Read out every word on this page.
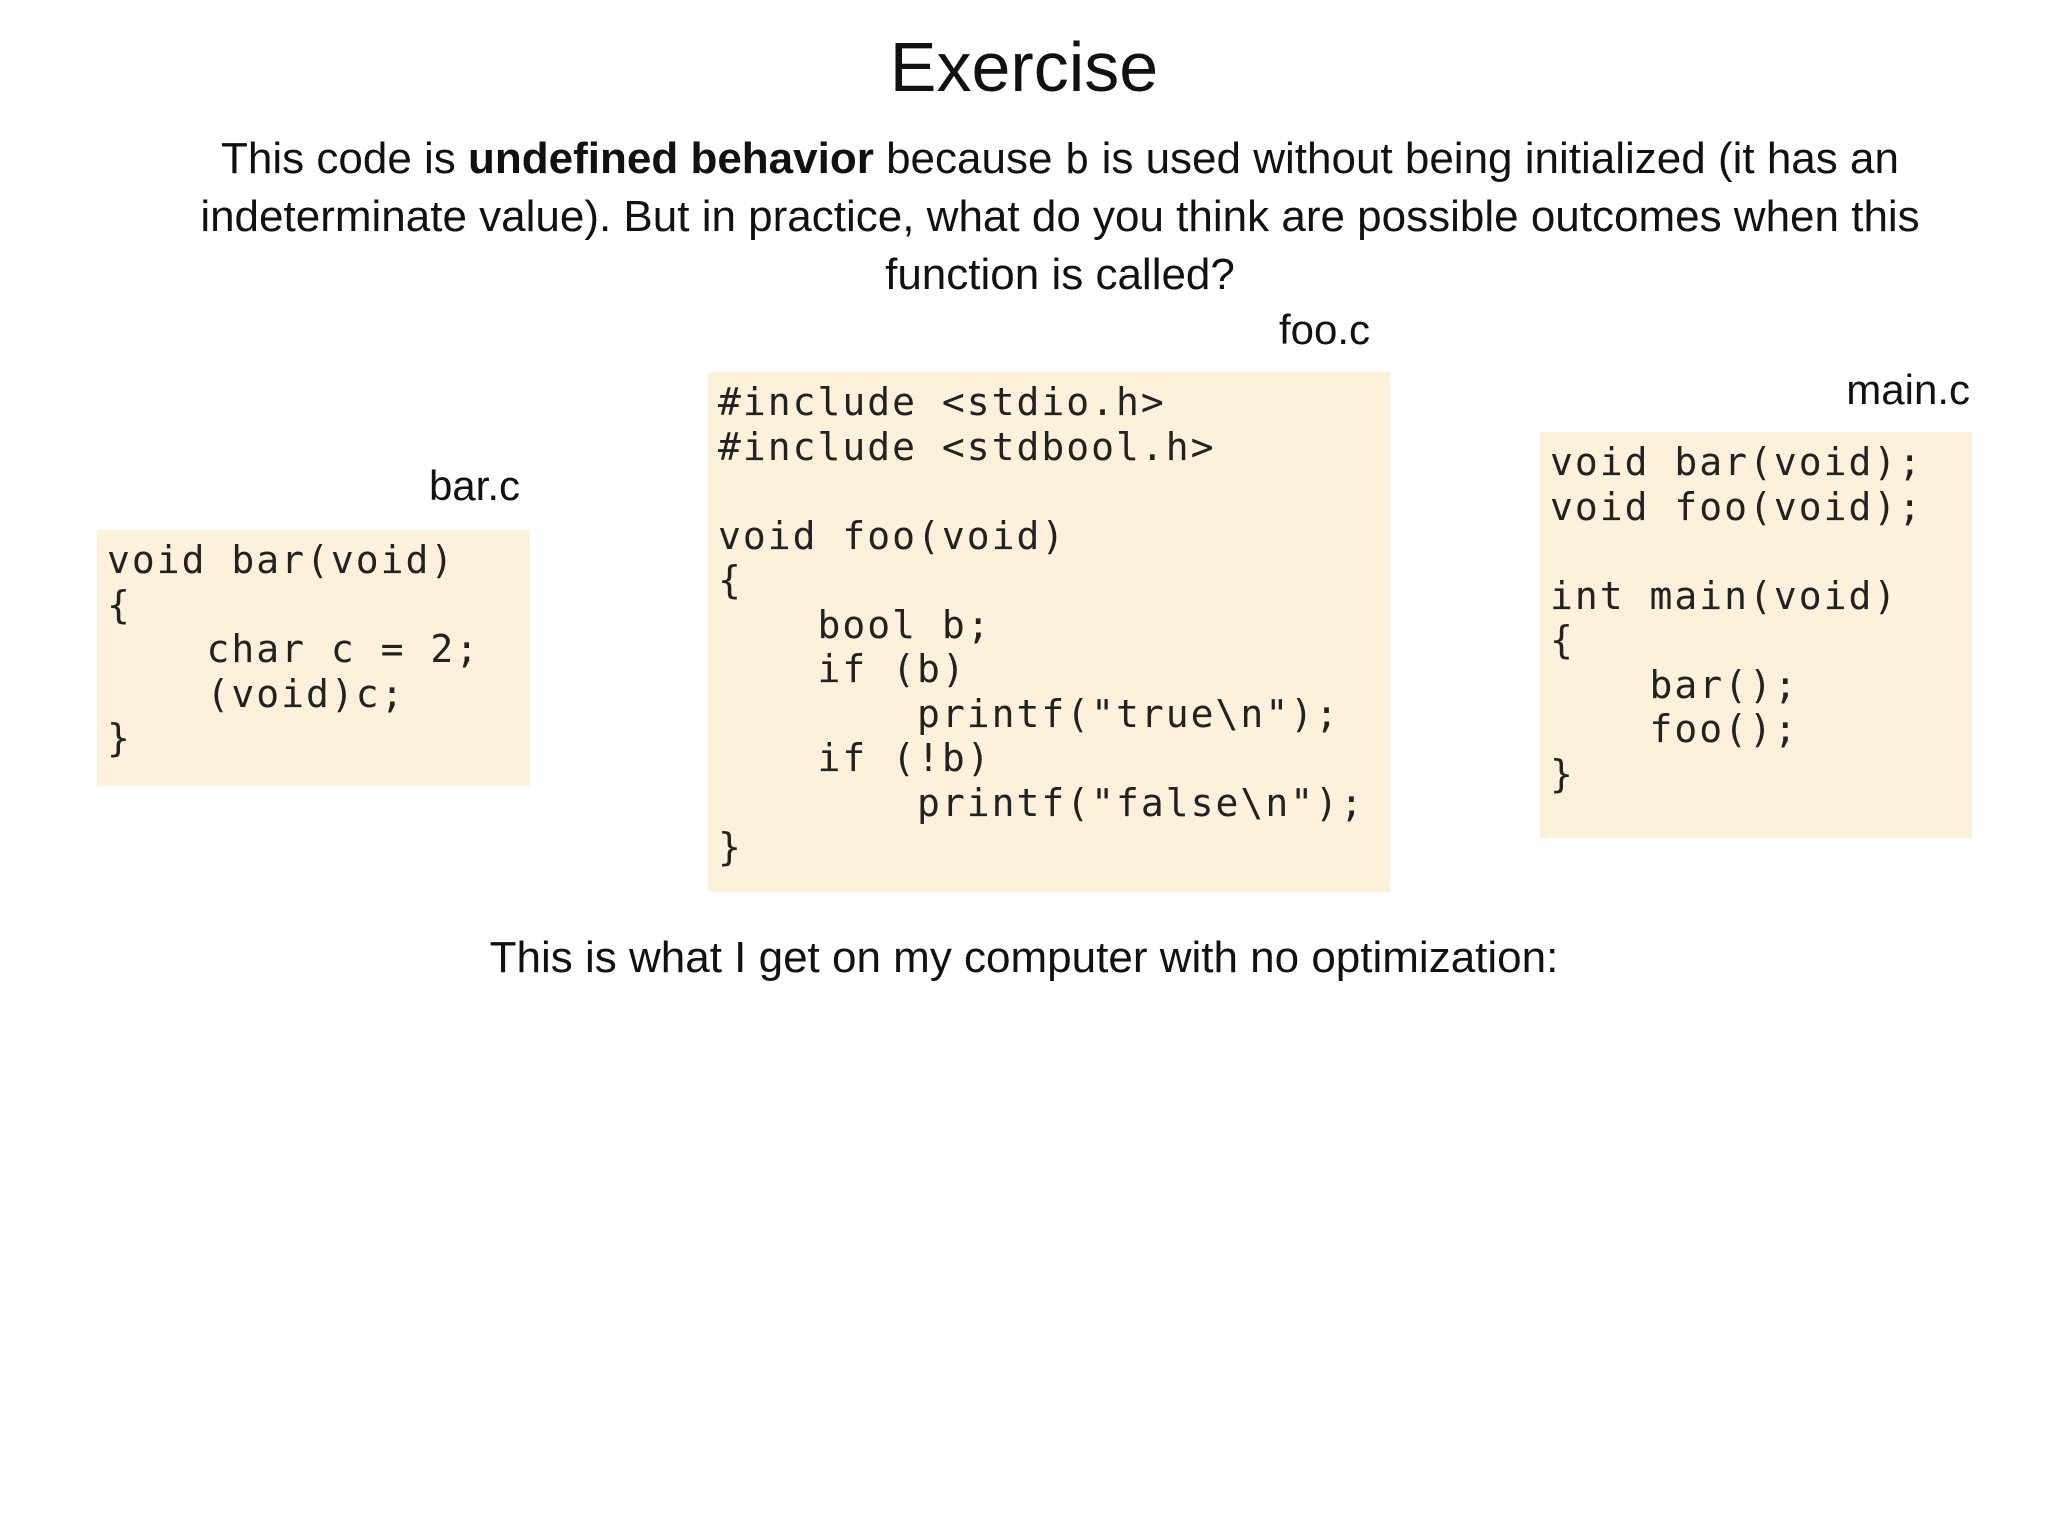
Exercise
This code is undefined behavior because b is used without being initialized (it has an indeterminate value). But in practice, what do you think are possible outcomes when this function is called?
foo.c
#include <stdio.h>
#include <stdbool.h>

void foo(void)
{
bool b;
if (b)
printf("true\n");
if (!b)
printf("false\n");
}
main.c
void bar(void);
void foo(void);

int main(void)
{
bar();
foo();
}
bar.c
void bar(void)
{
char c = 2;
(void)c;
}
This is what I get on my computer with no optimization:
